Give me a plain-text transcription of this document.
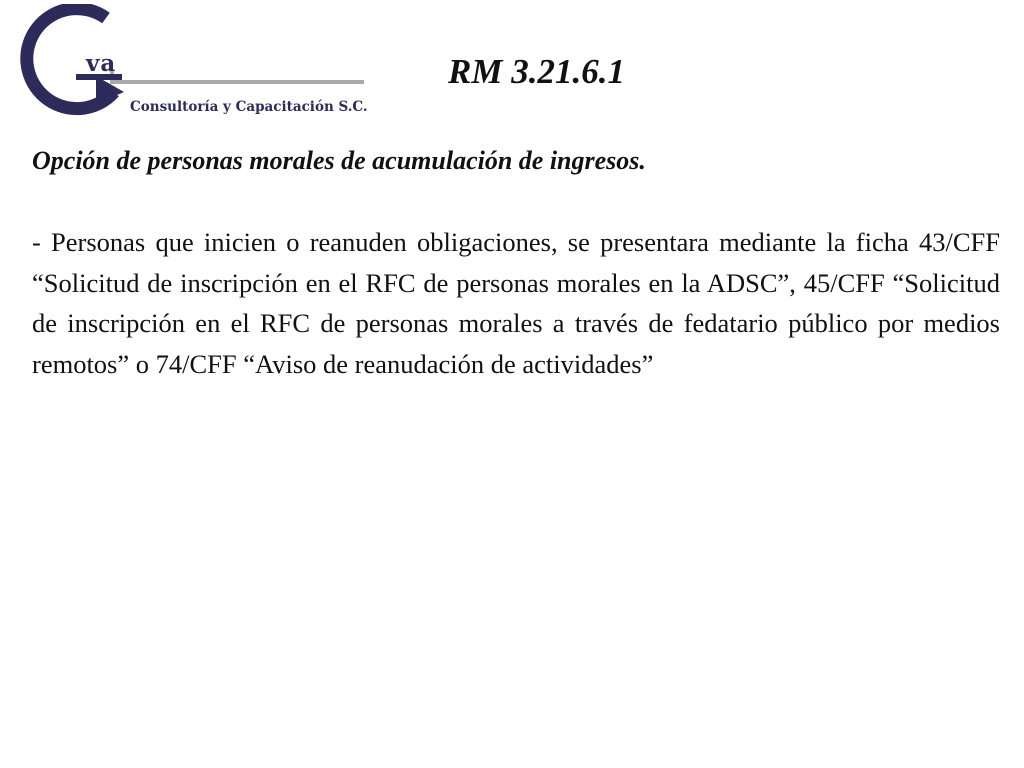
va
Consultoría y Capacitación S.C.
RM 3.21.6.1
Opción de personas morales de acumulación de ingresos.
- Personas que inicien o reanuden obligaciones, se presentara mediante la ficha 43/CFF “Solicitud de inscripción en el RFC de personas morales en la ADSC”, 45/CFF “Solicitud de inscripción en el RFC de personas morales a través de fedatario público por medios remotos” o 74/CFF “Aviso de reanudación de actividades”
